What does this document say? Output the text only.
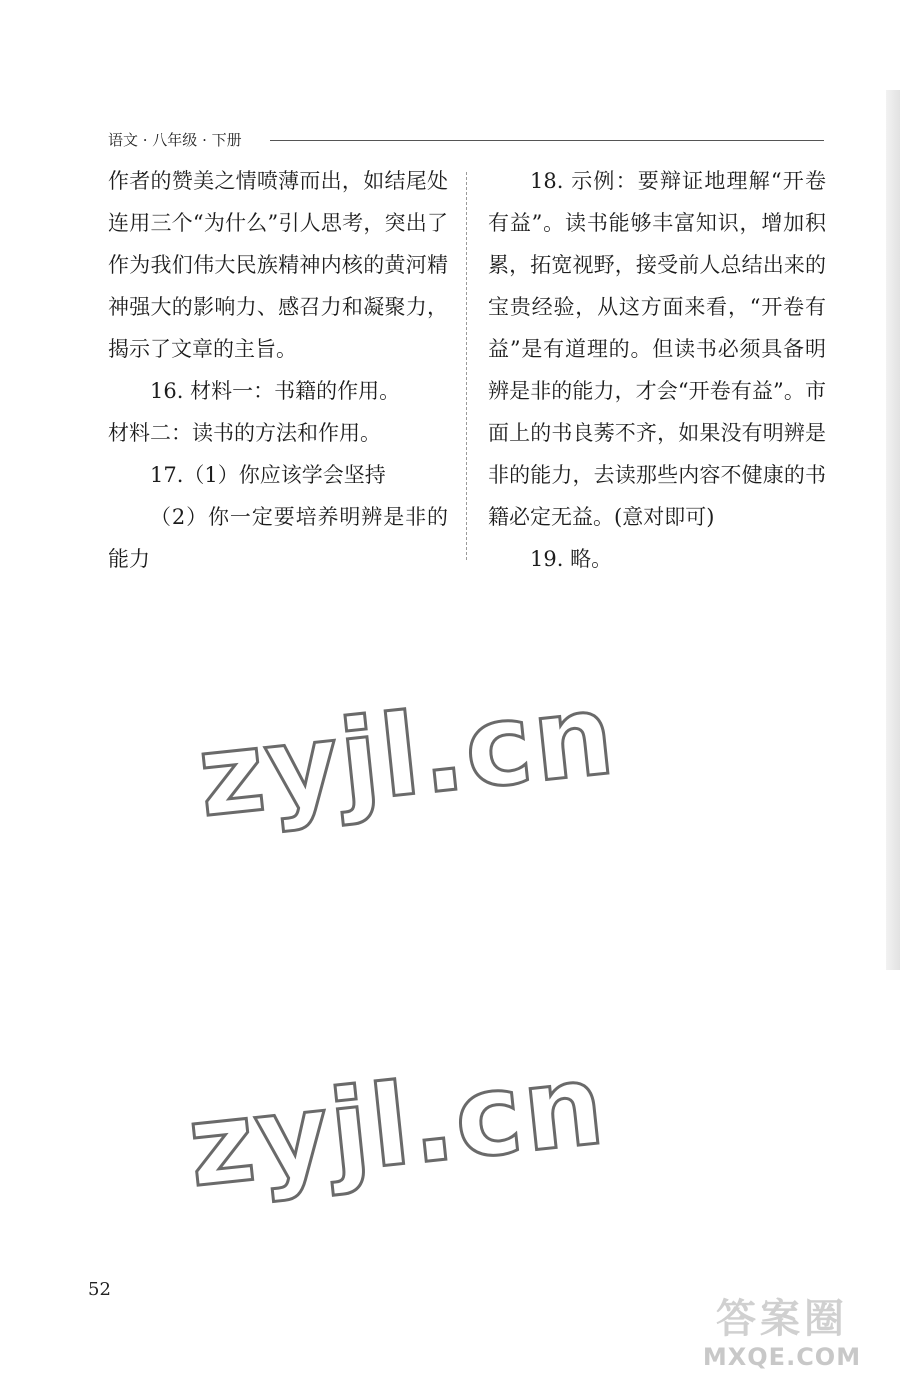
语文 · 八年级 · 下册

作者的赞美之情喷薄而出，如结尾处连用三个“为什么”引人思考，突出了作为我们伟大民族精神内核的黄河精神强大的影响力、感召力和凝聚力，揭示了文章的主旨。

16. 材料一：书籍的作用。

材料二：读书的方法和作用。

17.（1）你应该学会坚持

（2）你一定要培养明辨是非的能力

18. 示例：要辩证地理解“开卷有益”。读书能够丰富知识，增加积累，拓宽视野，接受前人总结出来的宝贵经验，从这方面来看，“开卷有益”是有道理的。但读书必须具备明辨是非的能力，才会“开卷有益”。市面上的书良莠不齐，如果没有明辨是非的能力，去读那些内容不健康的书籍必定无益。(意对即可)

19. 略。

zyjl.cn
zyjl.cn
52
答案圈
MXQE.COM
